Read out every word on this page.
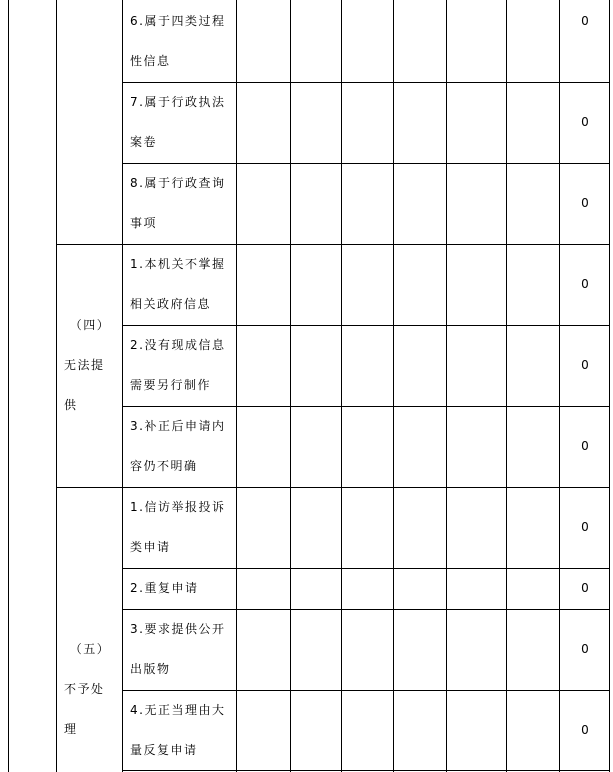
6.属于四类过程
性信息
0
7.属于行政执法
案卷
0
8.属于行政查询
事项
0
（四）
无法提
供
1.本机关不掌握
相关政府信息
0
2.没有现成信息
需要另行制作
0
3.补正后申请内
容仍不明确
0
（五）
不予处
理
1.信访举报投诉
类申请
0
2.重复申请	0
3.要求提供公开
出版物
0
4.无正当理由大
量反复申请
0
